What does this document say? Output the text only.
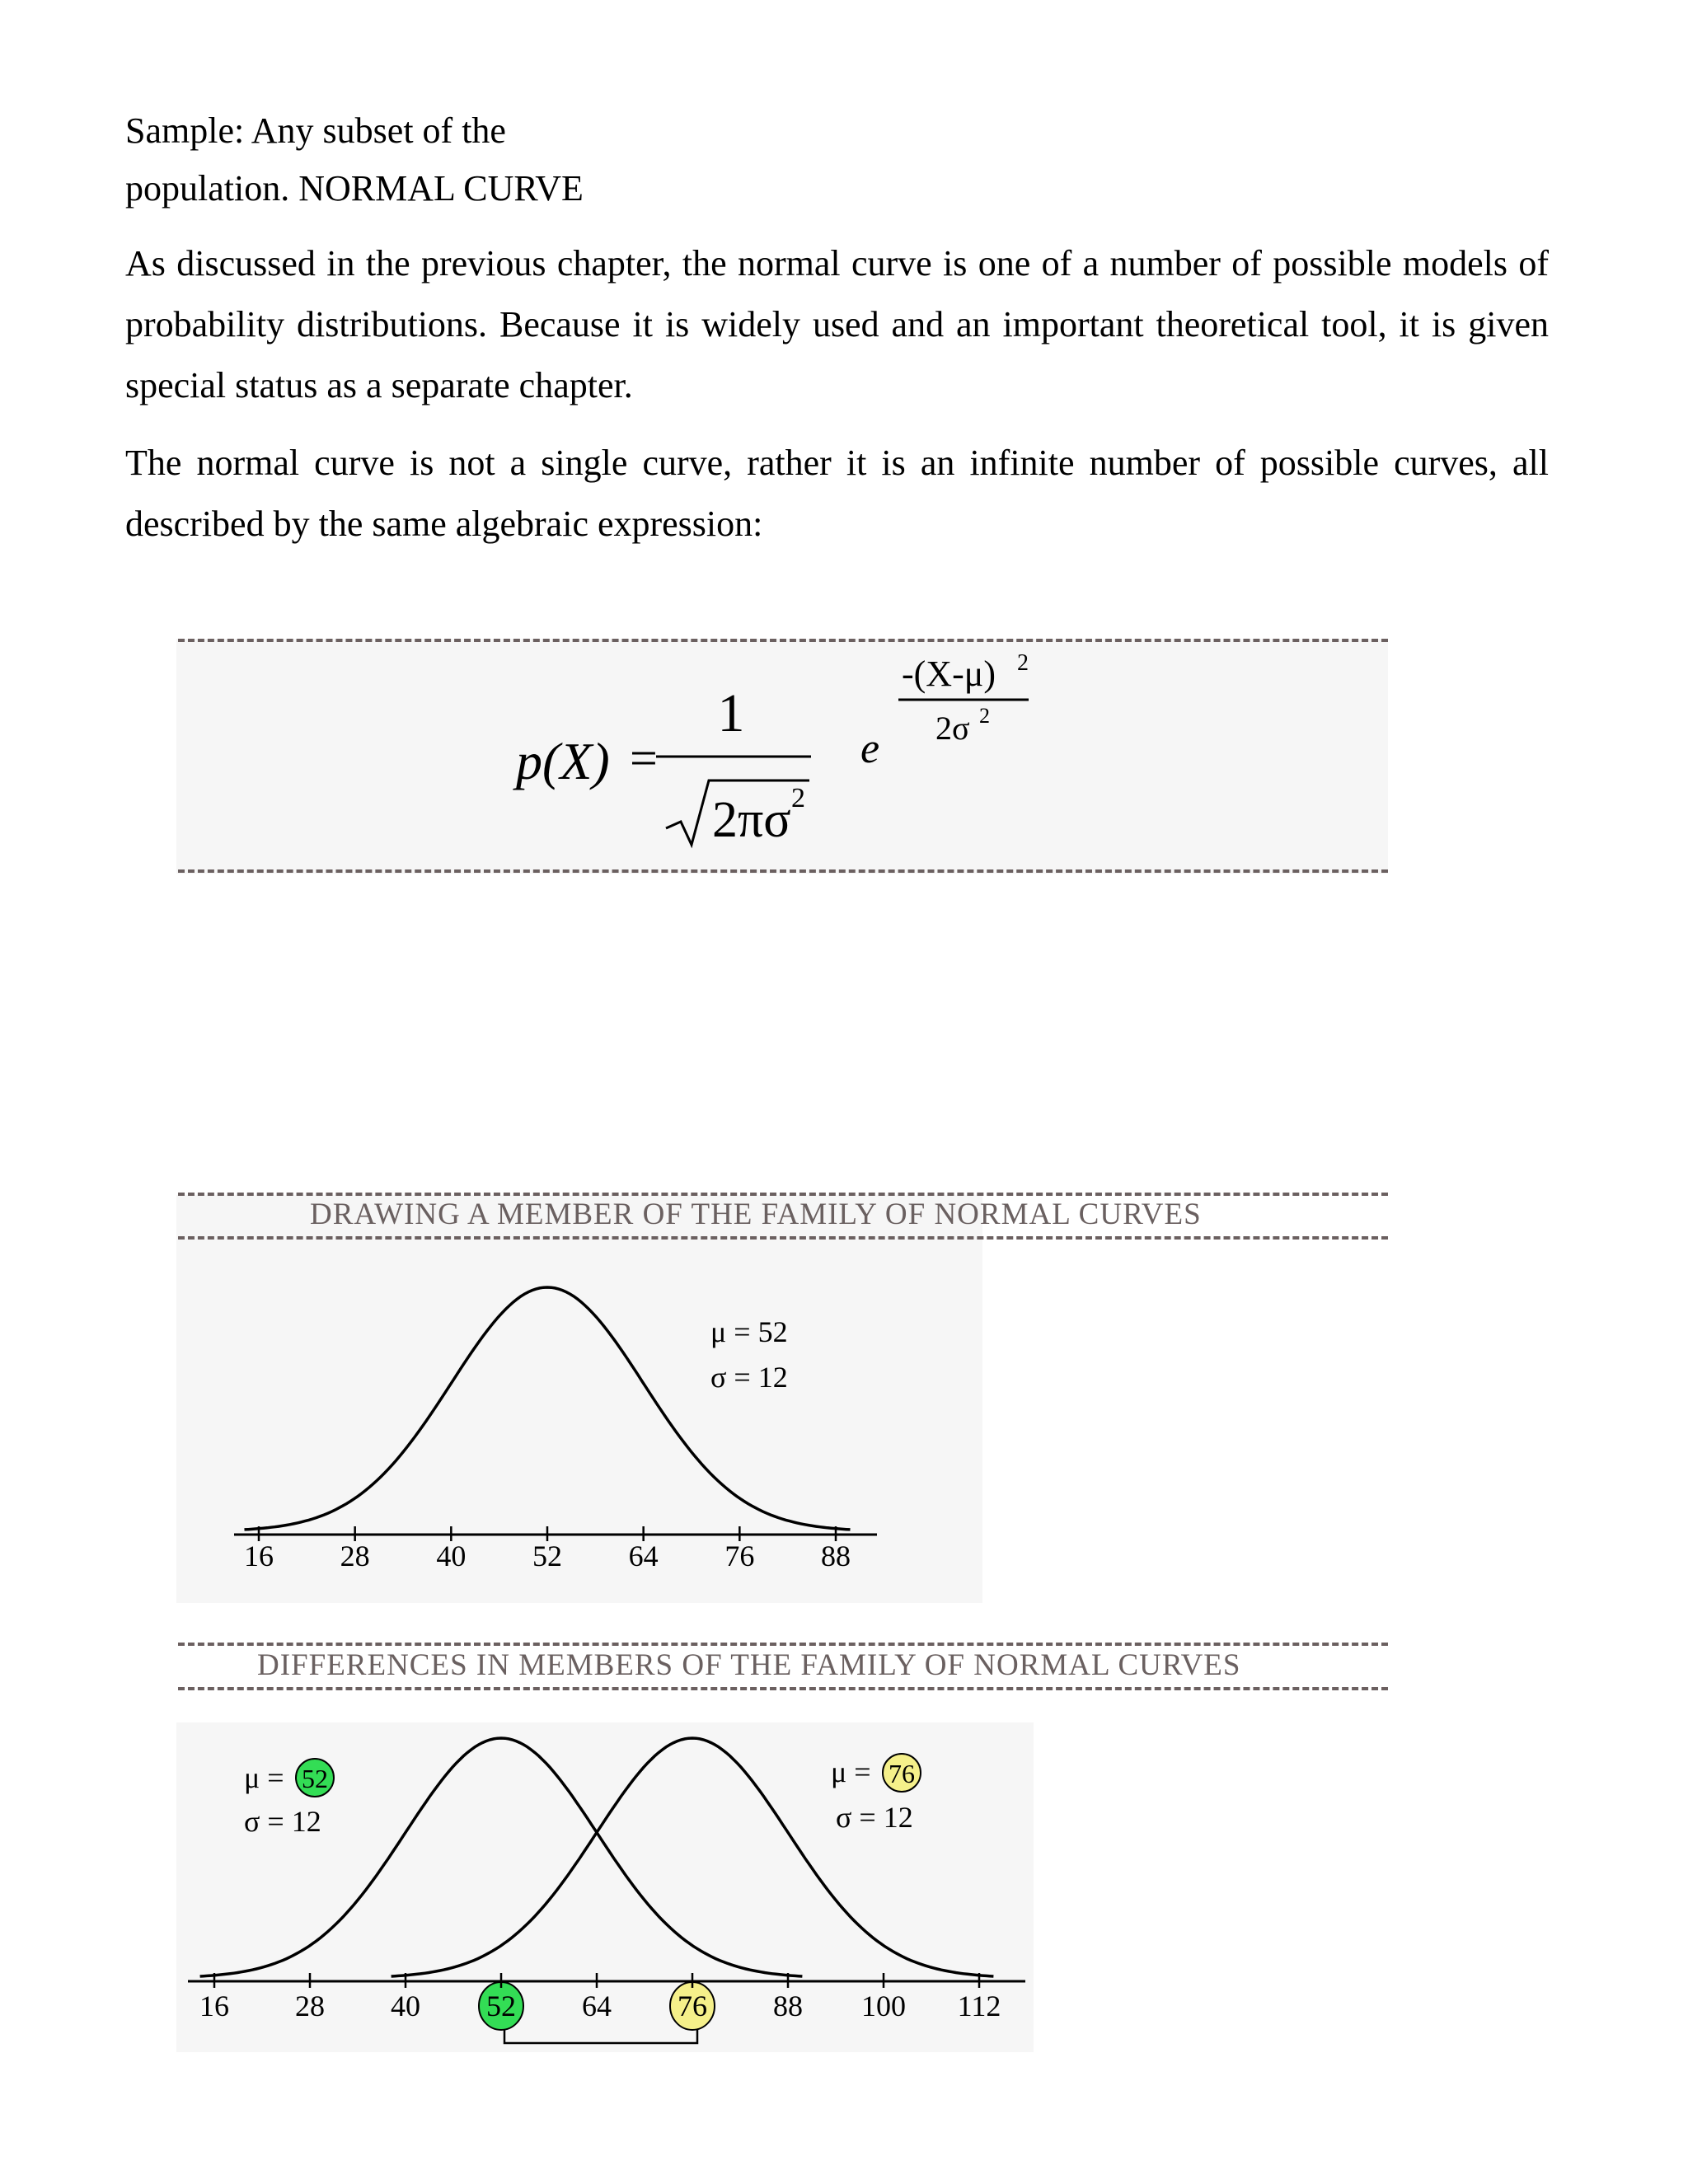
Sample: Any subset of the
population. NORMAL CURVE
As discussed in the previous chapter, the normal curve is one of a number of possible models of probability distributions. Because it is widely used and an important theoretical tool, it is given special status as a separate chapter.
The normal curve is not a single curve, rather it is an infinite number of possible curves, all described by the same algebraic expression:
p(X) =
1
2πσ 2
e
-(X-μ) 2
2σ 2
DRAWING A MEMBER OF THE FAMILY OF NORMAL CURVES
μ = 52
σ = 12
16 28 40 52 64 76 88
DIFFERENCES IN MEMBERS OF THE FAMILY OF NORMAL CURVES
μ = 52
σ = 12
μ = 76
σ = 12
16 28 40 52 64 76 88 100 112
